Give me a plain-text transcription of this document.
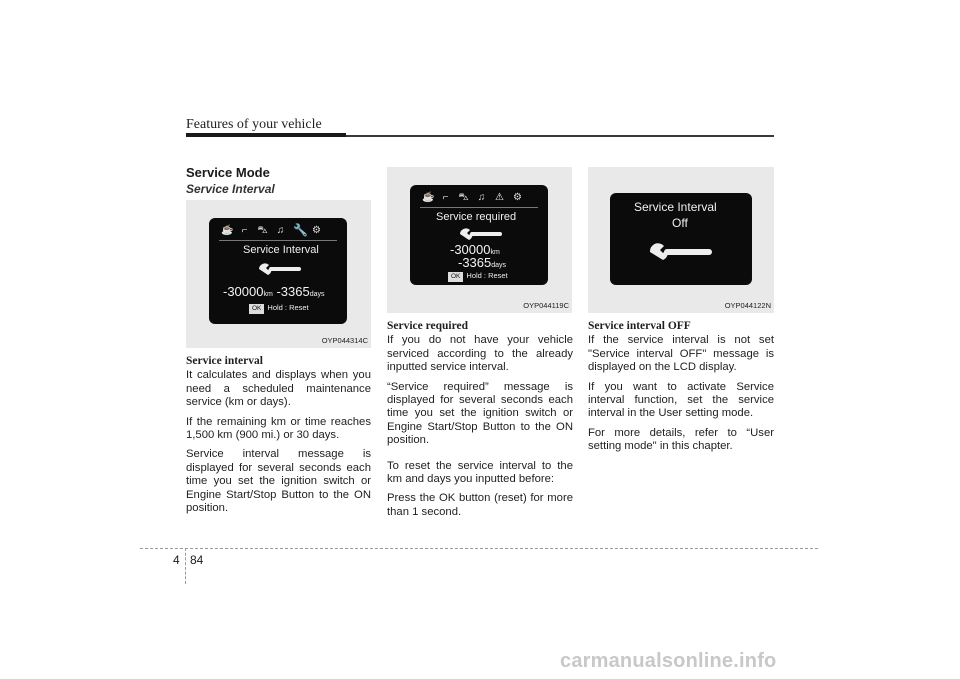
Features of your vehicle
Service Mode
Service Interval
☕ ⌐ ⛍ ♫ 🔧 ⚙
Service Interval
-30000km -3365days
OK Hold : Reset
OYP044314C
☕ ⌐ ⛍ ♫ ⚠ ⚙
Service required
-30000km
-3365days
OK Hold : Reset
OYP044119C
Service Interval
Off
OYP044122N

Service interval

It calculates and displays when you need a scheduled maintenance service (km or days).

If the remaining km or time reaches 1,500 km (900 mi.) or 30 days.

Service interval message is displayed for several seconds each time you set the ignition switch or Engine Start/Stop Button to the ON position.

Service required

If you do not have your vehicle serviced according to the already inputted service interval.

“Service required” message is displayed for several seconds each time you set the ignition switch or Engine Start/Stop Button to the ON position.

To reset the service interval to the km and days you inputted before:

Press the OK button (reset) for more than 1 second.

Service interval OFF

If the service interval is not set "Service interval OFF" message is displayed on the LCD display.

If you want to activate Service interval function, set the service interval in the User setting mode.

For more details, refer to “User setting mode" in this chapter.

4 84
carmanualsonline.info
